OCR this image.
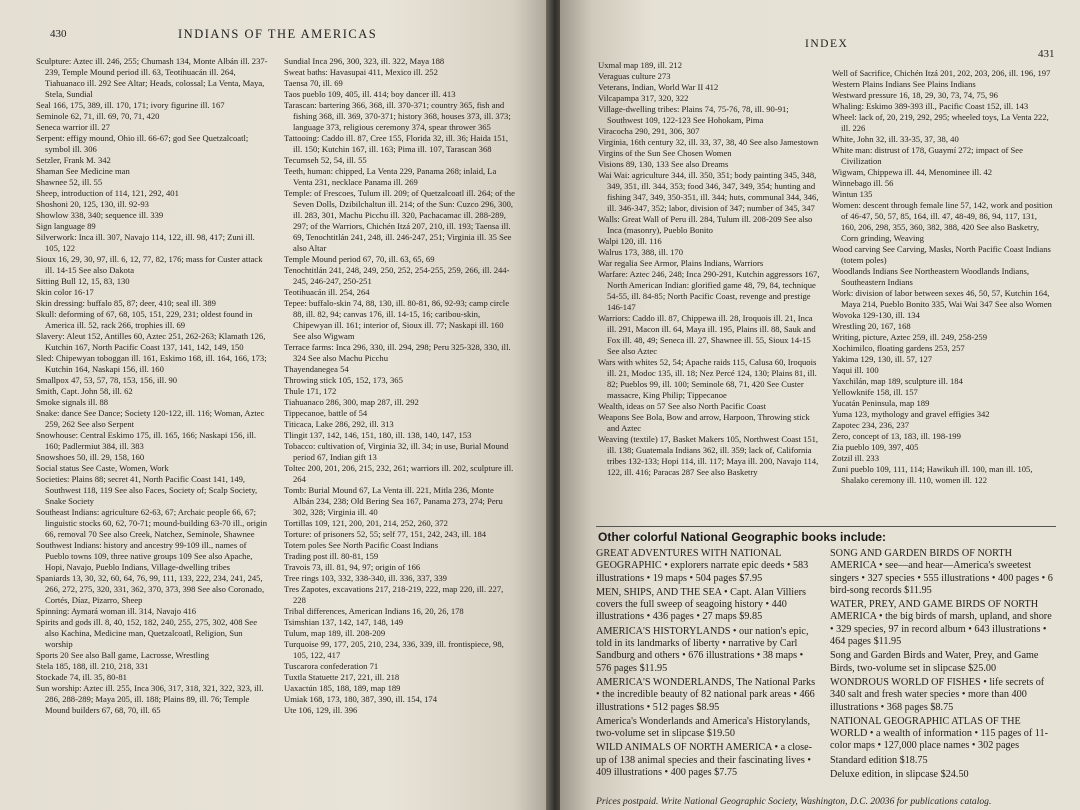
430	INDIANS OF THE AMERICAS
Sculpture: Aztec ill. 246, 255; Chumash 134, Monte Albán ill. 237-239, Temple Mound period ill. 63, Teotihuacán ill. 264, Tiahuanaco ill. 292 See Altar; Heads, colossal; La Venta, Maya, Stela, Sundial
Seal 166, 175, 389, ill. 170, 171; ivory figurine ill. 167
Seminole 62, 71, ill. 69, 70, 71, 420
Seneca warrior ill. 27
Serpent: effigy mound, Ohio ill. 66-67; god See Quetzalcoatl; symbol ill. 306
Setzler, Frank M. 342
Shaman See Medicine man
Shawnee 52, ill. 55
Sheep, introduction of 114, 121, 292, 401
Shoshoni 20, 125, 130, ill. 92-93
Showlow 338, 340; sequence ill. 339
Sign language 89
Silverwork: Inca ill. 307, Navajo 114, 122, ill. 98, 417; Zuni ill. 105, 122
Sioux 16, 29, 30, 97, ill. 6, 12, 77, 82, 176; mass for Custer attack ill. 14-15 See also Dakota
Sitting Bull 12, 15, 83, 130
Skin color 16-17
Skin dressing: buffalo 85, 87; deer, 410; seal ill. 389
Skull: deforming of 67, 68, 105, 151, 229, 231; oldest found in America ill. 52, rack 266, trophies ill. 69
Slavery: Aleut 152, Antilles 60, Aztec 251, 262-263; Klamath 126, Kutchin 167, North Pacific Coast 137, 141, 142, 149, 150
Sled: Chipewyan toboggan ill. 161, Eskimo 168, ill. 164, 166, 173; Kutchin 164, Naskapi 156, ill. 160
Smallpox 47, 53, 57, 78, 153, 156, ill. 90
Smith, Capt. John 58, ill. 62
Smoke signals ill. 88
Snake: dance See Dance; Society 120-122, ill. 116; Woman, Aztec 259, 262 See also Serpent
Snowhouse: Central Eskimo 175, ill. 165, 166; Naskapi 156, ill. 160; Padlermiut 384, ill. 383
Snowshoes 50, ill. 29, 158, 160
Social status See Caste, Women, Work
Societies: Plains 88; secret 41, North Pacific Coast 141, 149, Southwest 118, 119 See also Faces, Society of; Scalp Society, Snake Society
Southeast Indians: agriculture 62-63, 67; Archaic people 66, 67; linguistic stocks 60, 62, 70-71; mound-building 63-70 ill., origin 66, removal 70 See also Creek, Natchez, Seminole, Shawnee
Southwest Indians: history and ancestry 99-109 ill., names of Pueblo towns 109, three native groups 109 See also Apache, Hopi, Navajo, Pueblo Indians, Village-dwelling tribes
Spaniards 13, 30, 32, 60, 64, 76, 99, 111, 133, 222, 234, 241, 245, 266, 272, 275, 320, 331, 362, 370, 373, 398 See also Coronado, Cortés, Díaz, Pizarro, Sheep
Spinning: Aymará woman ill. 314, Navajo 416
Spirits and gods ill. 8, 40, 152, 182, 240, 255, 275, 302, 408 See also Kachina, Medicine man, Quetzalcoatl, Religion, Sun worship
Sports 20 See also Ball game, Lacrosse, Wrestling
Stela 185, 188, ill. 210, 218, 331
Stockade 74, ill. 35, 80-81
Sun worship: Aztec ill. 255, Inca 306, 317, 318, 321, 322, 323, ill. 286, 288-289; Maya 205, ill. 188; Plains 89, ill. 76; Temple Mound builders 67, 68, 70, ill. 65
Sundial Inca 296, 300, 323, ill. 322, Maya 188
Sweat baths: Havasupai 411, Mexico ill. 252
Taensa 70, ill. 69
Taos pueblo 109, 405, ill. 414; boy dancer ill. 413
Tarascan: bartering 366, 368, ill. 370-371; country 365, fish and fishing 368, ill. 369, 370-371; history 368, houses 373, ill. 373; language 373, religious ceremony 374, spear thrower 365
Tattooing: Caddo ill. 87, Cree 155, Florida 32, ill. 36; Haida 151, ill. 150; Kutchin 167, ill. 163; Pima ill. 107, Tarascan 368
Tecumseh 52, 54, ill. 55
Teeth, human: chipped, La Venta 229, Panama 268; inlaid, La Venta 231, necklace Panama ill. 269
Temple: of Frescoes, Tulum ill. 209; of Quetzalcoatl ill. 264; of the Seven Dolls, Dzibilchaltun ill. 214; of the Sun: Cuzco 296, 300, ill. 283, 301, Machu Picchu ill. 320, Pachacamac ill. 288-289, 297; of the Warriors, Chichén Itzá 207, 210, ill. 193; Taensa ill. 69, Tenochtitlán 241, 248, ill. 246-247, 251; Virginia ill. 35 See also Altar
Temple Mound period 67, 70, ill. 63, 65, 69
Tenochtitlán 241, 248, 249, 250, 252, 254-255, 259, 266, ill. 244-245, 246-247, 250-251
Teotihuacán ill. 254, 264
Tepee: buffalo-skin 74, 88, 130, ill. 80-81, 86, 92-93; camp circle 88, ill. 82, 94; canvas 176, ill. 14-15, 16; caribou-skin, Chipewyan ill. 161; interior of, Sioux ill. 77; Naskapi ill. 160 See also Wigwam
Terrace farms: Inca 296, 330, ill. 294, 298; Peru 325-328, 330, ill. 324 See also Machu Picchu
Thayendanegea 54
Throwing stick 105, 152, 173, 365
Thule 171, 172
Tiahuanaco 286, 300, map 287, ill. 292
Tippecanoe, battle of 54
Titicaca, Lake 286, 292, ill. 313
Tlingit 137, 142, 146, 151, 180, ill. 138, 140, 147, 153
Tobacco: cultivation of, Virginia 32, ill. 34; in use, Burial Mound period 67, Indian gift 13
Toltec 200, 201, 206, 215, 232, 261; warriors ill. 202, sculpture ill. 264
Tomb: Burial Mound 67, La Venta ill. 221, Mitla 236, Monte Albán 234, 238; Old Bering Sea 167, Panama 273, 274; Peru 302, 328; Virginia ill. 40
Tortillas 109, 121, 200, 201, 214, 252, 260, 372
Torture: of prisoners 52, 55; self 77, 151, 242, 243, ill. 184
Totem poles See North Pacific Coast Indians
Trading post ill. 80-81, 159
Travois 73, ill. 81, 94, 97; origin of 166
Tree rings 103, 332, 338-340, ill. 336, 337, 339
Tres Zapotes, excavations 217, 218-219, 222, map 220, ill. 227, 228
Tribal differences, American Indians 16, 20, 26, 178
Tsimshian 137, 142, 147, 148, 149
Tulum, map 189, ill. 208-209
Turquoise 99, 177, 205, 210, 234, 336, 339, ill. frontispiece, 98, 105, 122, 417
Tuscarora confederation 71
Tuxtla Statuette 217, 221, ill. 218
Uaxactún 185, 188, 189, map 189
Umiak 168, 173, 180, 387, 390, ill. 154, 174
Ute 106, 129, ill. 396
INDEX
431
Uxmal map 189, ill. 212
Veraguas culture 273
Veterans, Indian, World War II 412
Vilcapampa 317, 320, 322
Village-dwelling tribes: Plains 74, 75-76, 78, ill. 90-91; Southwest 109, 122-123 See Hohokam, Pima
Viracocha 290, 291, 306, 307
Virginia, 16th century 32, ill. 33, 37, 38, 40 See also Jamestown
Virgins of the Sun See Chosen Women
Visions 89, 130, 133 See also Dreams
Wai Wai: agriculture 344, ill. 350, 351; body painting 345, 348, 349, 351, ill. 344, 353; food 346, 347, 349, 354; hunting and fishing 347, 349, 350-351, ill. 344; huts, communal 344, 346, ill. 346-347, 352; labor, division of 347; number of 345, 347
Walls: Great Wall of Peru ill. 284, Tulum ill. 208-209 See also Inca (masonry), Pueblo Bonito
Walpi 120, ill. 116
Walrus 173, 388, ill. 170
War regalia See Armor, Plains Indians, Warriors
Warfare: Aztec 246, 248; Inca 290-291, Kutchin aggressors 167, North American Indian: glorified game 48, 79, 84, technique 54-55, ill. 84-85; North Pacific Coast, revenge and prestige 146-147
Warriors: Caddo ill. 87, Chippewa ill. 28, Iroquois ill. 21, Inca ill. 291, Macon ill. 64, Maya ill. 195, Plains ill. 88, Sauk and Fox ill. 48, 49; Seneca ill. 27, Shawnee ill. 55, Sioux 14-15 See also Aztec
Wars with whites 52, 54; Apache raids 115, Calusa 60, Iroquois ill. 21, Modoc 135, ill. 18; Nez Percé 124, 130; Plains 81, ill. 82; Pueblos 99, ill. 100; Seminole 68, 71, 420 See Custer massacre, King Philip; Tippecanoe
Wealth, ideas on 57 See also North Pacific Coast
Weapons See Bola, Bow and arrow, Harpoon, Throwing stick and Aztec
Weaving (textile) 17, Basket Makers 105, Northwest Coast 151, ill. 138; Guatemala Indians 362, ill. 359; lack of, California tribes 132-133; Hopi 114, ill. 117; Maya ill. 200, Navajo 114, 122, ill. 416; Paracas 287 See also Basketry
Well of Sacrifice, Chichén Itzá 201, 202, 203, 206, ill. 196, 197
Western Plains Indians See Plains Indians
Westward pressure 16, 18, 29, 30, 73, 74, 75, 96
Whaling: Eskimo 389-393 ill., Pacific Coast 152, ill. 143
Wheel: lack of, 20, 219, 292, 295; wheeled toys, La Venta 222, ill. 226
White, John 32, ill. 33-35, 37, 38, 40
White man: distrust of 178, Guaymí 272; impact of See Civilization
Wigwam, Chippewa ill. 44, Menominee ill. 42
Winnebago ill. 56
Wintun 135
Women: descent through female line 57, 142, work and position of 46-47, 50, 57, 85, 164, ill. 47, 48-49, 86, 94, 117, 131, 160, 206, 298, 355, 360, 382, 388, 420 See also Basketry, Corn grinding, Weaving
Wood carving See Carving, Masks, North Pacific Coast Indians (totem poles)
Woodlands Indians See Northeastern Woodlands Indians, Southeastern Indians
Work: division of labor between sexes 46, 50, 57, Kutchin 164, Maya 214, Pueblo Bonito 335, Wai Wai 347 See also Women
Wovoka 129-130, ill. 134
Wrestling 20, 167, 168
Writing, picture, Aztec 259, ill. 249, 258-259
Xochimilco, floating gardens 253, 257
Yakima 129, 130, ill. 57, 127
Yaqui ill. 100
Yaxchilán, map 189, sculpture ill. 184
Yellowknife 158, ill. 157
Yucatán Peninsula, map 189
Yuma 123, mythology and gravel effigies 342
Zapotec 234, 236, 237
Zero, concept of 13, 183, ill. 198-199
Zia pueblo 109, 397, 405
Zotzil ill. 233
Zuni pueblo 109, 111, 114; Hawikuh ill. 100, man ill. 105, Shalako ceremony ill. 110, women ill. 122
Other colorful National Geographic books include:
GREAT ADVENTURES WITH NATIONAL GEOGRAPHIC • explorers narrate epic deeds • 583 illustrations • 19 maps • 504 pages $7.95
MEN, SHIPS, AND THE SEA • Capt. Alan Villiers covers the full sweep of seagoing history • 440 illustrations • 436 pages • 27 maps $9.85
AMERICA'S HISTORYLANDS • our nation's epic, told in its landmarks of liberty • narrative by Carl Sandburg and others • 676 illustrations • 38 maps • 576 pages $11.95
AMERICA'S WONDERLANDS, The National Parks • the incredible beauty of 82 national park areas • 466 illustrations • 512 pages $8.95
America's Wonderlands and America's Historylands, two-volume set in slipcase $19.50
WILD ANIMALS OF NORTH AMERICA • a close-up of 138 animal species and their fascinating lives • 409 illustrations • 400 pages $7.75
SONG AND GARDEN BIRDS OF NORTH AMERICA • see—and hear—America's sweetest singers • 327 species • 555 illustrations • 400 pages • 6 bird-song records $11.95
WATER, PREY, AND GAME BIRDS OF NORTH AMERICA • the big birds of marsh, upland, and shore • 329 species, 97 in record album • 643 illustrations • 464 pages $11.95
Song and Garden Birds and Water, Prey, and Game Birds, two-volume set in slipcase $25.00
WONDROUS WORLD OF FISHES • life secrets of 340 salt and fresh water species • more than 400 illustrations • 368 pages $8.75
NATIONAL GEOGRAPHIC ATLAS OF THE WORLD • a wealth of information • 115 pages of 11-color maps • 127,000 place names • 302 pages
Standard edition $18.75
Deluxe edition, in slipcase $24.50
Prices postpaid. Write National Geographic Society, Washington, D.C. 20036 for publications catalog.
